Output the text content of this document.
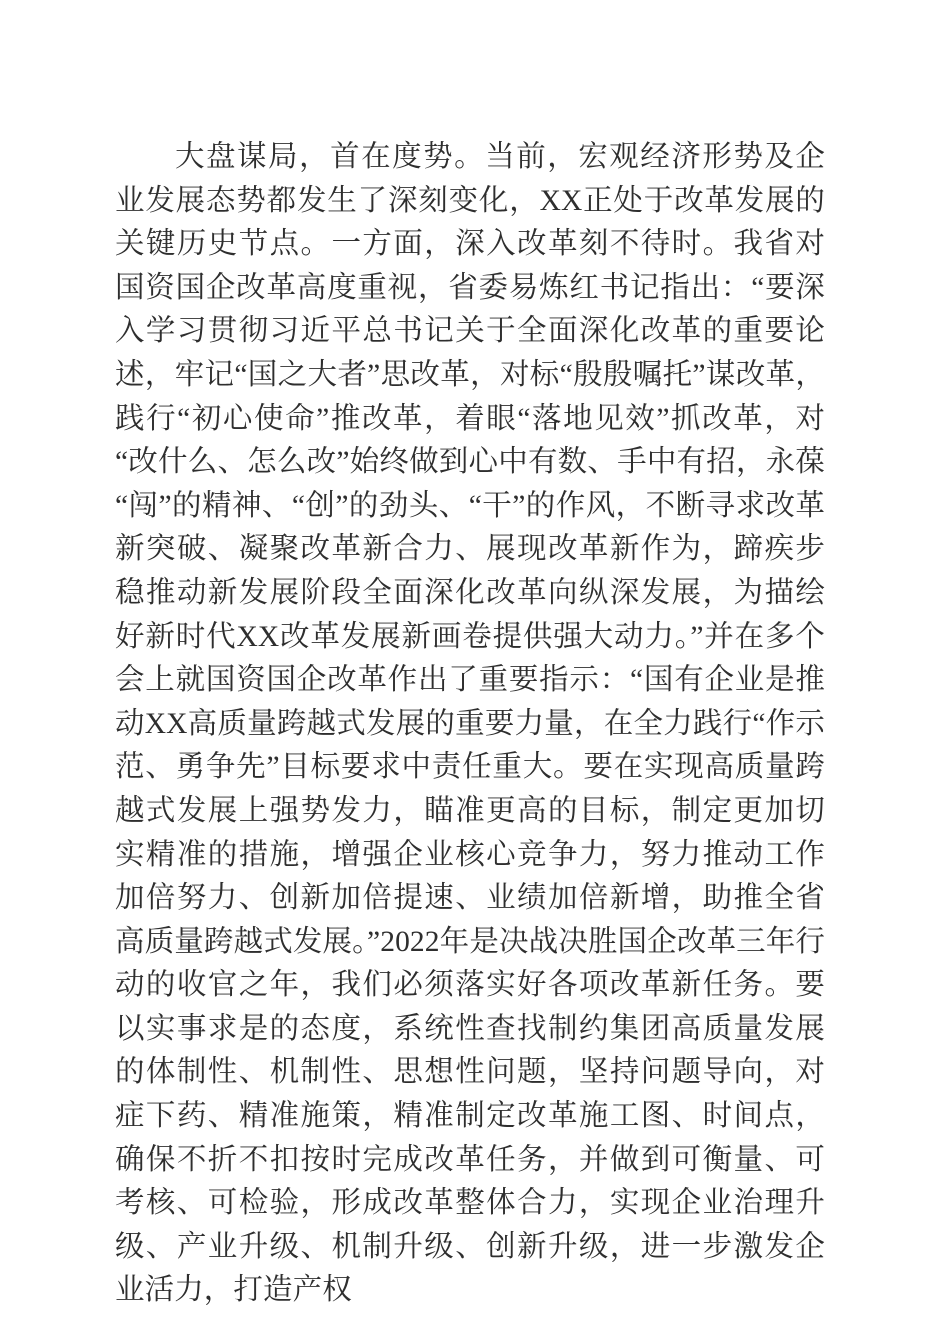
大盘谋局，首在度势。当前，宏观经济形势及企业发展态势都发生了深刻变化，XX正处于改革发展的关键历史节点。一方面，深入改革刻不待时。我省对国资国企改革高度重视，省委易炼红书记指出：“要深入学习贯彻习近平总书记关于全面深化改革的重要论述，牢记“国之大者”思改革，对标“殷殷嘱托”谋改革，践行“初心使命”推改革，着眼“落地见效”抓改革，对“改什么、怎么改”始终做到心中有数、手中有招，永葆“闯”的精神、“创”的劲头、“干”的作风，不断寻求改革新突破、凝聚改革新合力、展现改革新作为，蹄疾步稳推动新发展阶段全面深化改革向纵深发展，为描绘好新时代XX改革发展新画卷提供强大动力。”并在多个会上就国资国企改革作出了重要指示：“国有企业是推动XX高质量跨越式发展的重要力量，在全力践行“作示范、勇争先”目标要求中责任重大。要在实现高质量跨越式发展上强势发力，瞄准更高的目标，制定更加切实精准的措施，增强企业核心竞争力，努力推动工作加倍努力、创新加倍提速、业绩加倍新增，助推全省高质量跨越式发展。”2022年是决战决胜国企改革三年行动的收官之年，我们必须落实好各项改革新任务。要以实事求是的态度，系统性查找制约集团高质量发展的体制性、机制性、思想性问题，坚持问题导向，对症下药、精准施策，精准制定改革施工图、时间点，确保不折不扣按时完成改革任务，并做到可衡量、可考核、可检验，形成改革整体合力，实现企业治理升级、产业升级、机制升级、创新升级，进一步激发企业活力，打造产权
